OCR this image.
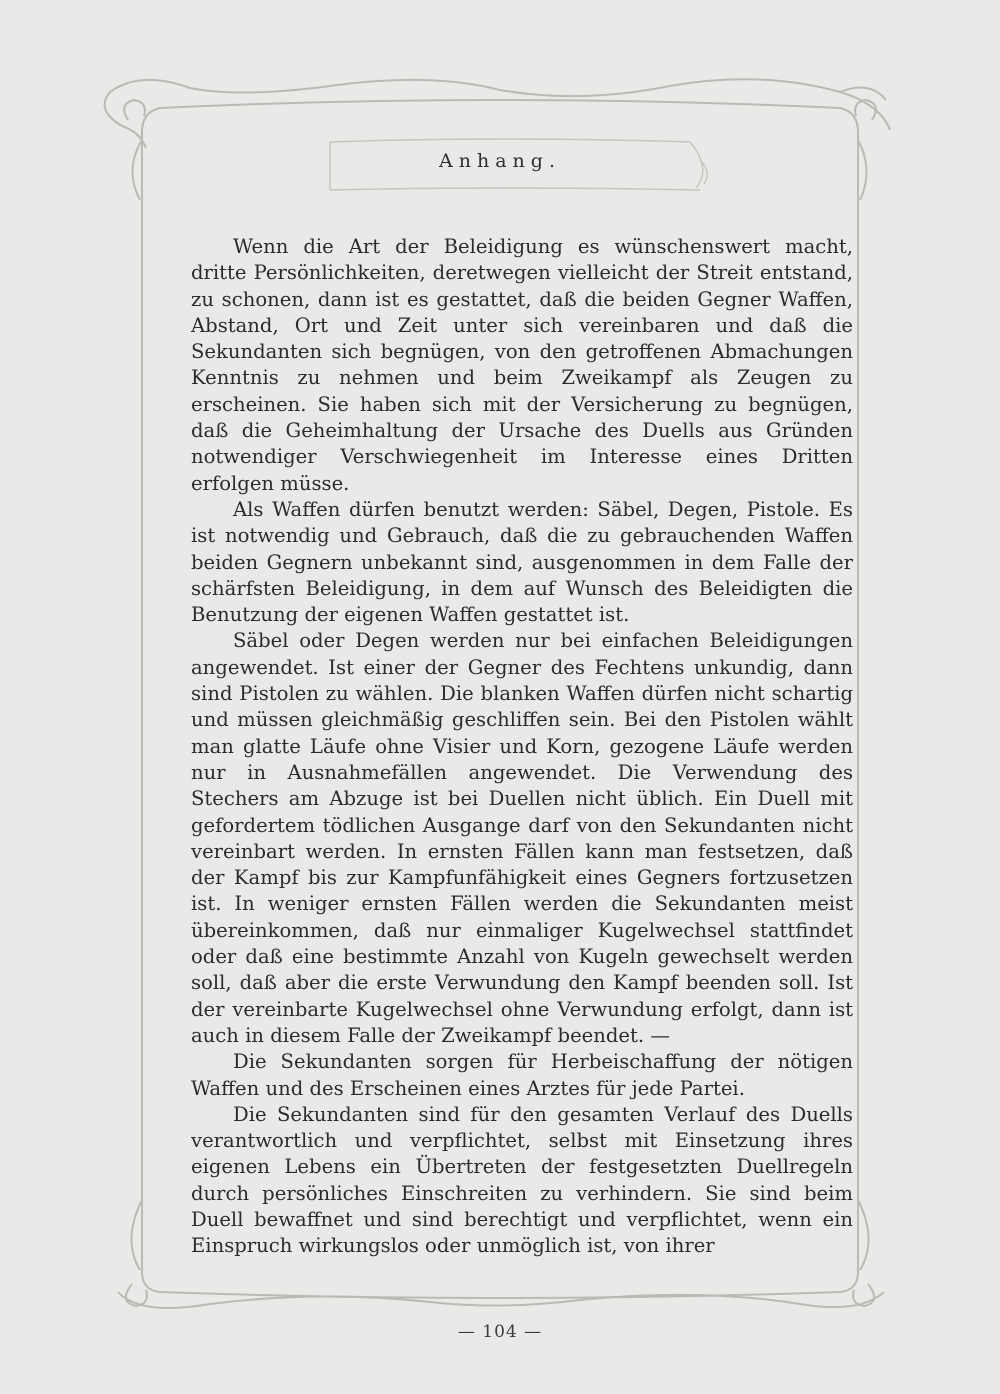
Anhang.

Wenn die Art der Beleidigung es wünschenswert macht, dritte Persönlichkeiten, deretwegen vielleicht der Streit entstand, zu schonen, dann ist es gestattet, daß die beiden Gegner Waffen, Abstand, Ort und Zeit unter sich vereinbaren und daß die Sekundanten sich begnügen, von den getroffenen Abmachungen Kenntnis zu nehmen und beim Zweikampf als Zeugen zu erscheinen. Sie haben sich mit der Versicherung zu begnügen, daß die Geheimhaltung der Ursache des Duells aus Gründen notwendiger Verschwiegenheit im Interesse eines Dritten erfolgen müsse.

Als Waffen dürfen benutzt werden: Säbel, Degen, Pistole. Es ist notwendig und Gebrauch, daß die zu gebrauchenden Waffen beiden Gegnern unbekannt sind, ausgenommen in dem Falle der schärfsten Beleidigung, in dem auf Wunsch des Beleidigten die Benutzung der eigenen Waffen gestattet ist.

Säbel oder Degen werden nur bei einfachen Beleidigungen angewendet. Ist einer der Gegner des Fechtens unkundig, dann sind Pistolen zu wählen. Die blanken Waffen dürfen nicht schartig und müssen gleichmäßig geschliffen sein. Bei den Pistolen wählt man glatte Läufe ohne Visier und Korn, gezogene Läufe werden nur in Ausnahmefällen angewendet. Die Verwendung des Stechers am Abzuge ist bei Duellen nicht üblich. Ein Duell mit gefordertem tödlichen Ausgange darf von den Sekundanten nicht vereinbart werden. In ernsten Fällen kann man festsetzen, daß der Kampf bis zur Kampfunfähigkeit eines Gegners fortzusetzen ist. In weniger ernsten Fällen werden die Sekundanten meist übereinkommen, daß nur einmaliger Kugelwechsel stattfindet oder daß eine bestimmte Anzahl von Kugeln gewechselt werden soll, daß aber die erste Verwundung den Kampf beenden soll. Ist der vereinbarte Kugelwechsel ohne Verwundung erfolgt, dann ist auch in diesem Falle der Zweikampf beendet. —

Die Sekundanten sorgen für Herbeischaffung der nötigen Waffen und des Erscheinen eines Arztes für jede Partei.

Die Sekundanten sind für den gesamten Verlauf des Duells verantwortlich und verpflichtet, selbst mit Einsetzung ihres eigenen Lebens ein Übertreten der festgesetzten Duellregeln durch persönliches Einschreiten zu verhindern. Sie sind beim Duell bewaffnet und sind berechtigt und verpflichtet, wenn ein Einspruch wirkungslos oder unmöglich ist, von ihrer

— 104 —
